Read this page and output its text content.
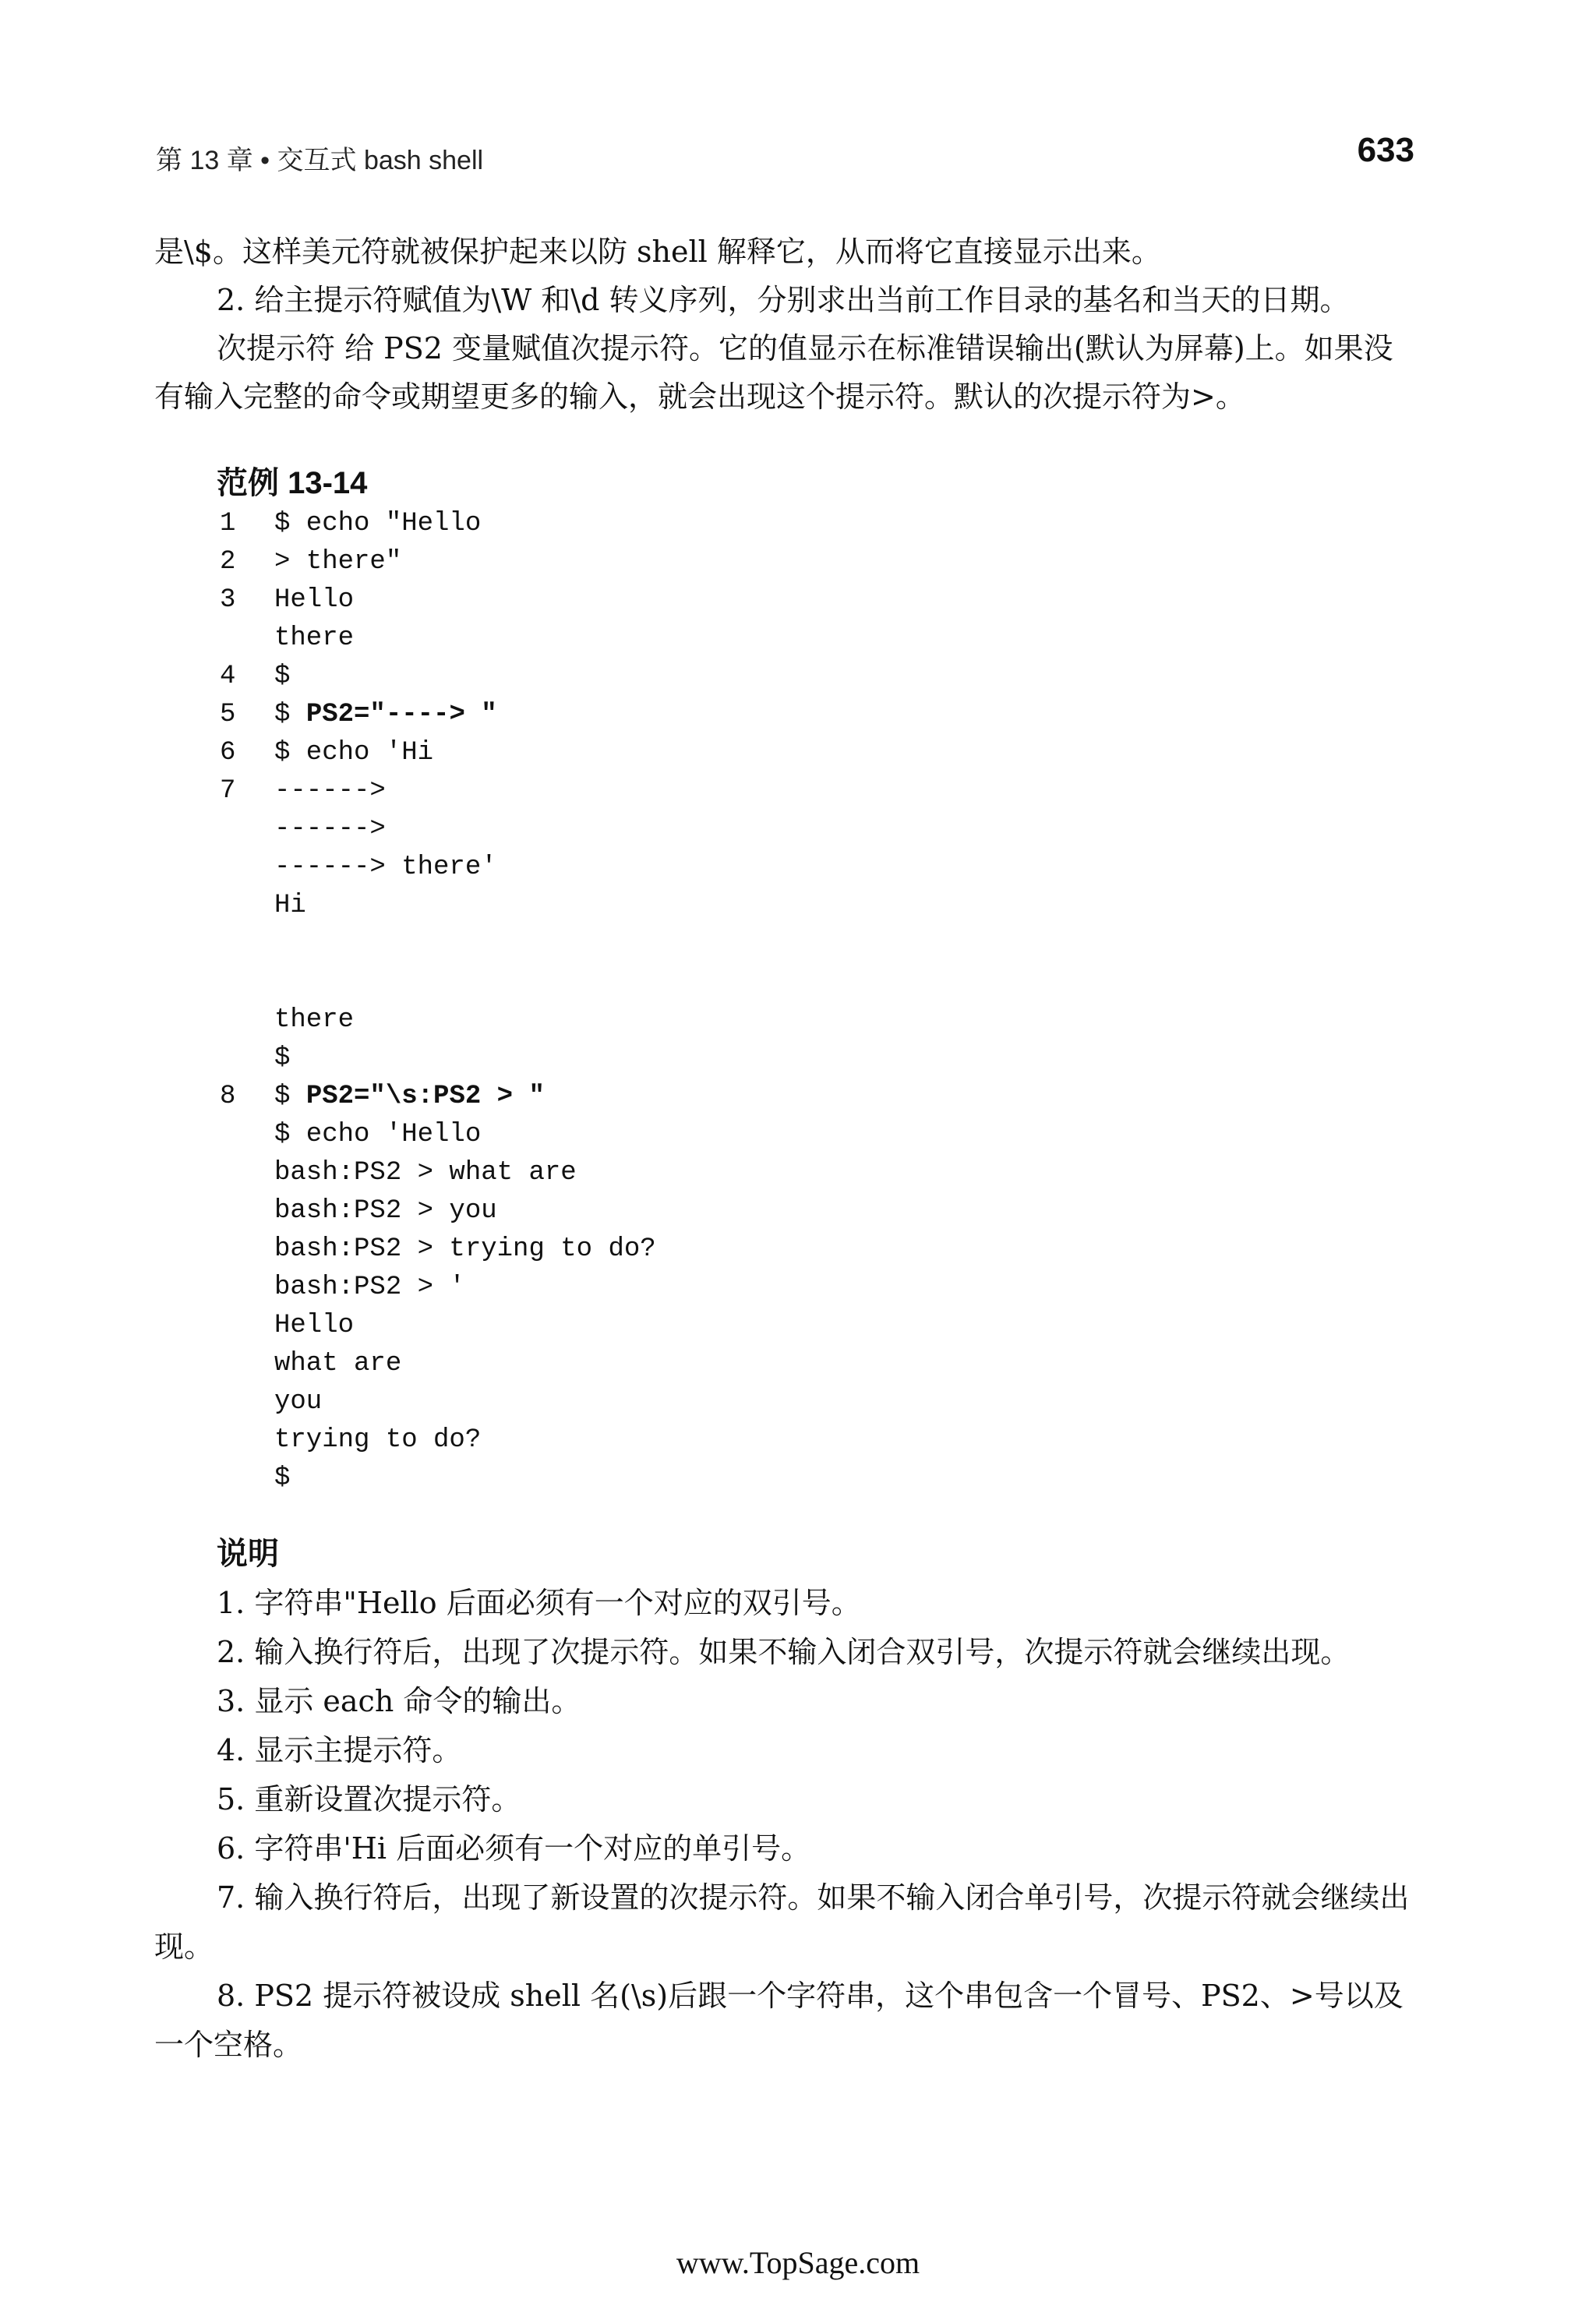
第 13 章 • 交互式 bash shell	633

是\$。这样美元符就被保护起来以防 shell 解释它，从而将它直接显示出来。

2. 给主提示符赋值为\W 和\d 转义序列，分别求出当前工作目录的基名和当天的日期。

次提示符 给 PS2 变量赋值次提示符。它的值显示在标准错误输出(默认为屏幕)上。如果没有输入完整的命令或期望更多的输入，就会出现这个提示符。默认的次提示符为>。

范例 13-14
1	$ echo "Hello
2	> there"
3	Hello
there
4	$
5	$ PS2="----> "
6	$ echo 'Hi
7	------>
------>
------> there'
Hi
there
$
8	$ PS2="\s:PS2 > "
$ echo 'Hello
bash:PS2 > what are
bash:PS2 > you
bash:PS2 > trying to do?
bash:PS2 > '
Hello
what are
you
trying to do?
$
说明

1. 字符串"Hello 后面必须有一个对应的双引号。

2. 输入换行符后，出现了次提示符。如果不输入闭合双引号，次提示符就会继续出现。

3. 显示 each 命令的输出。

4. 显示主提示符。

5. 重新设置次提示符。

6. 字符串'Hi 后面必须有一个对应的单引号。

7. 输入换行符后，出现了新设置的次提示符。如果不输入闭合单引号，次提示符就会继续出现。

8. PS2 提示符被设成 shell 名(\s)后跟一个字符串，这个串包含一个冒号、PS2、>号以及一个空格。

www.TopSage.com
